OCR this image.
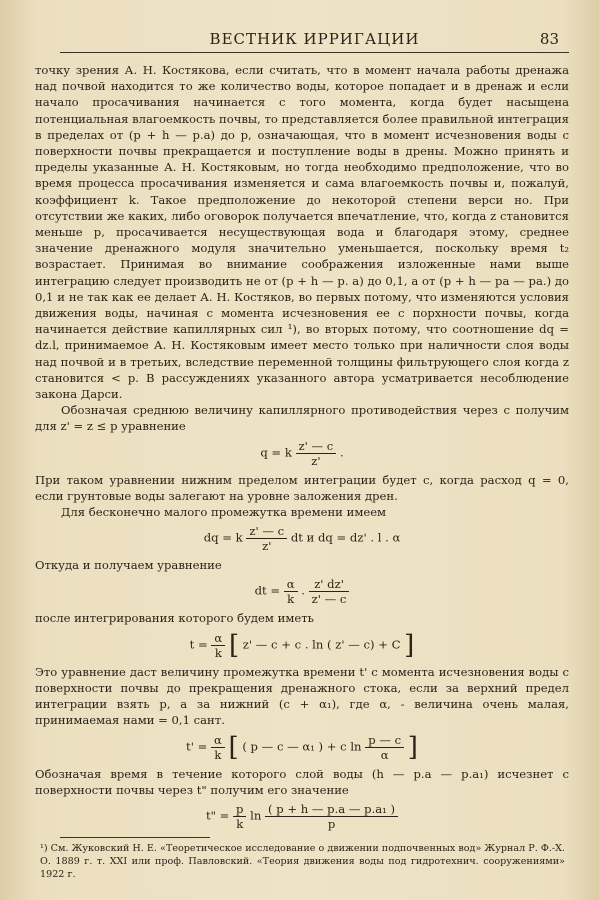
ВЕСТНИК ИРРИГАЦИИ	83

точку зрения А. Н. Костякова, если считать, что в момент начала работы дренажа над почвой находится то же количество воды, которое попадает и в дренаж и если начало просачивания начинается с того момента, когда будет насыщена потенциальная влагоемкость почвы, то представляется более правильной интеграция в пределах от (p + h — p.a) до p, означающая, что в момент исчезновения воды с поверхности почвы прекращается и поступление воды в дрены. Можно принять и пределы указанные А. Н. Костяковым, но тогда необходимо предположение, что во время процесса просачивания изменяется и сама влагоемкость почвы и, пожалуй, коэффициент k. Такое предположение до некоторой степени верси но. При отсутствии же каких, либо оговорок получается впечатление, что, когда z становится меньше p, просачивается несуществующая вода и благодаря этому, среднее значение дренажного модуля значительно уменьшается, поскольку время t₂ возрастает. Принимая во внимание соображения изложенные нами выше интеграцию следует производить не от (p + h — p. a) до 0,1, а от (p + h — pa — pa.) до 0,1 и не так как ее делает А. Н. Костяков, во первых потому, что изменяются условия движения воды, начиная с момента исчезновения ее с порхности почвы, когда начинается действие капиллярных сил ¹), во вторых потому, что соотношение dq = dz.l, принимаемое А. Н. Костяковым имеет место только при наличности слоя воды над почвой и в третьих, вследствие переменной толщины фильтрующего слоя когда z становится < p. В рассуждениях указанного автора усматривается несоблюдение закона Дарси.

Обозначая среднюю величину капиллярного противодействия через c получим для z' = z ≤ p уравнение

q = k $\frac{z' — c}{z'}$ .

При таком уравнении нижним пределом интеграции будет c, когда расход q = 0, если грунтовые воды залегают на уровне заложения дрен.

Для бесконечно малого промежутка времени имеем

dq = k $\frac{z' — c}{z'}$ dt и dq = dz' . l . α

Откуда и получаем уравнение

dt = $\frac{\alpha}{k}$ . $\frac{z' dz'}{z' — c}$

после интегрирования которого будем иметь

$t = \frac{\alpha}{k}$ [ z' — c + c . ln ( z' — c) + C ]

Это уравнение даст величину промежутка времени t' с момента исчезновения воды с поверхности почвы до прекращения дренажного стока, если за верхний предел интеграции взять p, а за нижний (c + α₁), где α, - величина очень малая, принимаемая нами = 0,1 сант.

$t' = \frac{\alpha}{k}$ [ ( p — c — α₁ ) + c $\ln \frac{p — c}{\alpha}$ ]

Обозначая время в течение которого слой воды (h — p.a — p.a₁) исчезнет с поверхности почвы через t" получим его значение

t" = $\frac{p}{k}$ $\ln \frac{\text{( p + h — p.a — p.a₁ )}}{p}$
¹) См. Жуковский Н. Е. «Теоретическое исследование о движении подпочвенных вод» Журнал Р. Ф.-Х. О. 1889 г. т. XXI или проф. Павловский. «Теория движения воды под гидротехнич. сооружениями» 1922 г.
